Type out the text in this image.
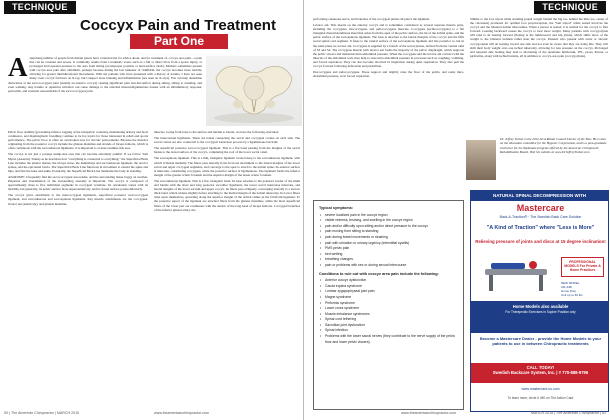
TECHNIQUE
Coccyx Pain and Treatment
Part One
A surprising number of people from distant places have contacted me for advice about, and for treatment of, coccyx-area pain—a pain that can be constant and severe. It commonly results from a traumatic event, such as a fall or direct blow from a sports injury, or prolonged and repeated pressure to the area from sitting (an improper position or hard-surface chair). Mothers sometimes present with coccyx-area pain after childbirth, perhaps because during the last trimester of childbirth, the coccyx becomes more mobile, allowing for greater multidirectional movements. With my patients who have presented with a history of trauma, I have not seen many overt coccyx fractures on X-ray, but I suspect bone bruising and inflammation (not seen on X-rays). You can help determine dislocation at the sacrococcygeal joint (usually an anterior coccyx) causing significant pain and discomfort during sitting, sitting to standing, and even walking. Any trauma or repetitive irritation can cause damage to the attached musculoligamentous tissues with an inflammatory response, periostitis, and eventual osteoarthritis of the sacrococcygeal joint.

Pelvic floor stability (preventing inferior sagging of the intrapelvic contents), maintaining urinary and fecal continence, and diaphragmatic breathing continue to be hot topics for those interested in rehab and sports performance. The pelvic floor is often an overlooked area for chronic pain patients. Because the muscles originating from the posterior coccyx include the gluteus maximus and strands of biceps femoris, which is often continuous with the sacrotuberous ligaments, it is important to at least examine this area.

The coccyx is not just a postage stamp-size area that can become extremely painful. If we follow Tom Myers (Anatomy Trains) as he describes how "everything is connected to everything," the Superficial Back Line includes the plantar tissues, the triceps surae, the hamstrings and sacrotuberous ligament, the erector spinae, and the epicranial fascia. The Superficial Back Line functions in movement to extend the spine and hips, and flex the knee and ankle. Posturally, the Superficial Back Line maintains the body in standing.

ANATOMY: I frequently find the sacrococcygeal area tender, and the surrounding tissue boggy on swollen. Palpation and visualization of the surrounding anatomy is important. The coccyx is composed of approximately three to five individual segments in coccygeal vertebrae. Its orientation varies with its mobility, but generally, its pelvic surface faces superoanteriorly, and its dorsal surface posteroinferiorly.

The coccyx gives attachment to the intercoccygeal ligaments, superficial posterior sacrococcygeal ligament, and sacrotuberous and sacrospinous ligaments. Key muscle attachments are the coccygeus, levator ani (anteriorly), and gluteus maximus

muscles. Going from bone to the surface and medial to lateral, we have the following structures:

The intercornual ligaments. These are bands connecting the sacral and coccygeal cornua on each side. The sacral cornua are also connected to the coccygeal transverse process by a ligamentous fasciculi.

The superficial posterior sacrococcygeal ligament. This is a flat band passing from the margins of the sacral hiatus to the dorsal surface of the coccyx, completing the roof of the lower sacral canal.

The sacrospinous ligament. This is a thin, triangular ligament located deep to the sacrotuberous ligament, with which it blends medially. The fibers pass laterally from its broad attachment to the lateral margins of the lower sacral and upper coccygeal segments, and converge to the apex to attach to the ischial spine. Its anterior surface is muscular, constituting coccygeus, while the posterior surface is ligamentous. The ligament forms the inferior margin of the greater sciatic foramen and the superior margin of the lesser sciatic foramen.

The sacrotuberous ligament. This is a flat, triangular band. Its base attaches to the posterior border of the ilium and blends with the short and long posterior sacroiliac ligaments, the lower sacral transverse tubercles, and lateral margins of the lower sacrum and upper coccyx. Its fibers pass obliquely, converging laterally to a narrow thick band, which widens slightly before attaching to the medial margin of the ischial tuberosity. Its lower fibers twist upon themselves, spreading along the superior margin of the ischial ramus as the falciform ligament. To the posterior aspect of the ligament are attached fibers from the gluteus maximus, while the most superficial fibers of the lower part are continuous with the tendon of the long head of biceps femoris. Coccygeal branches of the inferior gluteal artery, the

50 | The American Chiropractor | MARCH 2015	www.theamericanchiropractor.com
TECHNIQUE

perforating cutaneous nerve, and branches of the coccygeal plexus all pierce the ligament.

Levator ani. This inserts on the anterior coccyx and is sometimes considered as several separate muscle parts, including the coccygeus, iliococcygeus, and pubococcygeus muscles. Coccygeus (ischiococcygeus) is a flat triangular musculotendinous sheet that arises from the apex of the pelvic surface, the tip of the ischial spine, and the pelvic surface of the sacrospinous ligament. The base is attached to the lateral margins of the coccyx and the fifth sacral spinal cord segment. It fuses to the ventral surface of the sacrospinous ligament and lies posterior to, but in the same plane as, levator ani. Coccygeus is supplied by a branch of the sacral plexus, derived from the ventral rami of S3 and S4. The coccygeus muscle with levator ani forms the majority of the pelvic diaphragm, which supports the pelvic viscera and maintains intra-abdominal pressure. When the coccygeus and the levator ani contract with the muscles of the abdominal wall, they help to raise intra-abdominal pressure in processes such as coughing, vomiting, and forced expiration. They can also become involved in inspiration during quiet respiration. They also pull the coccyx forward following defecation and parturition.

Iliococcygeus and pubococcygeus. These support and slightly raise the floor of the pelvis, and resist intra-abdominal pressure, as in forced expiration.

Similar to the foot tripod while standing (equal weight behind the big toe, behind the little toe, center of the calcaneus) promoted for optimal foot proprioception, the "butt tripod" while seated involves the coccyx and the bilateral ischial tuberosities. When a person is seated, it is normal for the coccyx to flex forward. Leaning backward causes the coccyx to bear more weight. Many patients with coccygodynia will tend to sit leaning forward (flexing at the lumbosacral and hip joints), which shifts more of the weight to the bilateral ischium rather than the coccyx. Patients who present with acute or chronic coccygodynia will sit leaning toward one side and not even be aware that they are doing this. They will shift their body weight onto one ischial tuberosity, allowing for less pressure on the coccyx. Prolonged and repeated side leaning may lead to shortening of the quadratus lumborum, TFL, psoas, iliacus, or piriformis, along with ischial bursitis, all in addition to coccyx-area pain (coccygodynia).

Dr. Jeffrey Tucker is the 2012 ACA Rehab Council Doctor of the Year. He is also on the education committee for the Hygenic Corporation, and is a post-graduate instructor for the diplomate program offered by the American Chiropractic Rehabilitation Board. Visit his website at www.DrJeffreyTucker.com
Typical symptoms:
• severe localized pain in the coccyx region
• visible redness, bruising, and swelling in the coccyx region
• pain and/or difficulty upon sitting and/or direct pressure to the coccyx
• pain moving from sitting to standing
• pain during bowel movements or straining
• pain with urination or urinary urgency (interstitial cystitis)
• PMS pelvic pain
• bed wetting
• breathing changes
• pain or problems with sex or during sexual intercourse
Conditions to rule out with coccyx area pain include the following:
• Anterior coccyx dysfunction
• Cauda equina syndrome
• Lumbar zygapophyseal joint pain
• Magne syndrome
• Piriformis syndrome
• Lower cross syndrome
• Muscle imbalance syndromes
• Spinal cord tethering
• Sacroiliac joint dysfunction
• Spinal infection
• Problems with the lower sacral nerves (they contribute to the nerve supply of the pelvic floor and lower pelvic viscera)
NATURAL SPINAL DECOMPRESSION WITH
Mastercare
Back-A-Traction® · The Swedish Back Care Solution
"A Kind of Traction" where "Less is More"
Relieving pressure of joints and discs at 15 degree inclination!
PROFESSIONAL MODELS For Private & Home Practices
NEW MODEL
CR-44B
Home Duty
Unit up to 60 lbs
Home Models also available
For Therapeutic Exercises in Supine Position only
Become a Mastercare Dealer - provide the Home Models to your patients to use in between Chiropractic treatments
CALL TODAY!
Swedish Backcare System, Inc. | # 770-888-9796
www.mastercare.us.com
To learn more, circle # 490 on The Action Card
www.theamericanchiropractor.com	MARCH 2015 | The American Chiropractor | 51
